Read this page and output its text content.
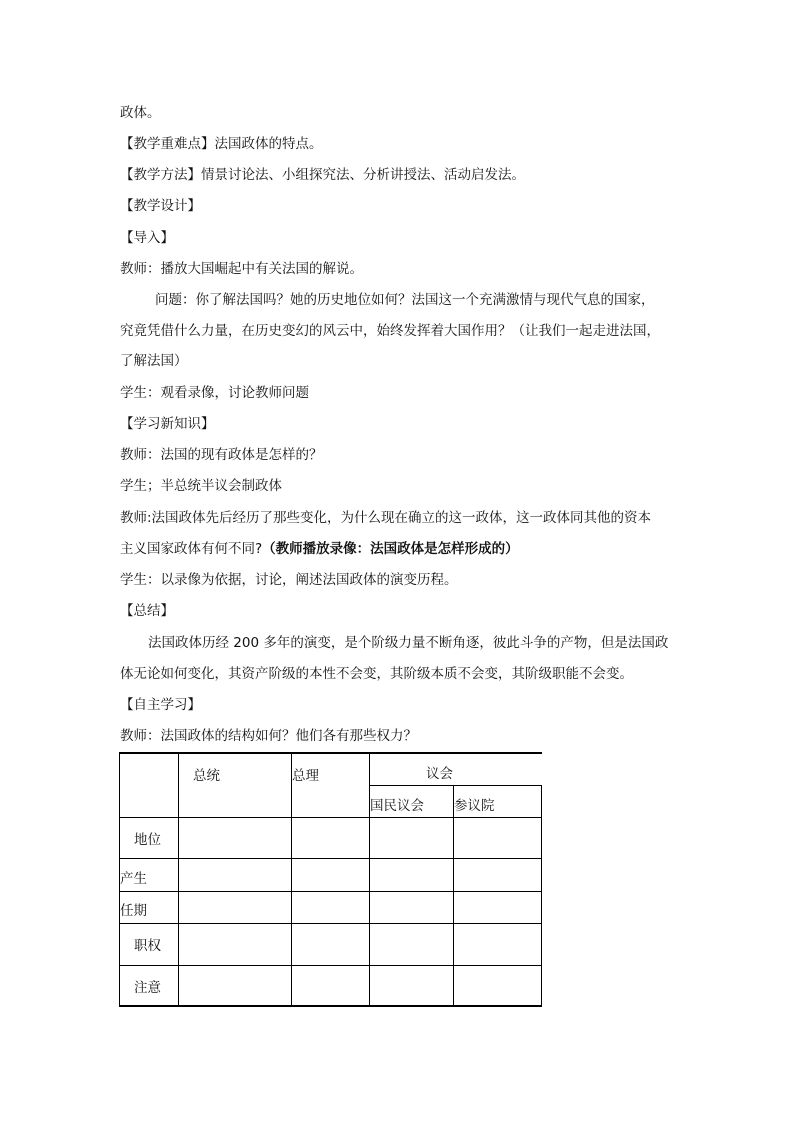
政体。
【教学重难点】法国政体的特点。
【教学方法】情景讨论法、小组探究法、分析讲授法、活动启发法。
【教学设计】
【导入】
教师：播放大国崛起中有关法国的解说。
问题：你了解法国吗？她的历史地位如何？法国这一个充满激情与现代气息的国家，
究竟凭借什么力量，在历史变幻的风云中，始终发挥着大国作用？（让我们一起走进法国，
了解法国）
学生：观看录像，讨论教师问题
【学习新知识】
教师：法国的现有政体是怎样的？
学生；半总统半议会制政体
教师:法国政体先后经历了那些变化，为什么现在确立的这一政体，这一政体同其他的资本
主义国家政体有何不同?（教师播放录像：法国政体是怎样形成的）
学生：以录像为依据，讨论，阐述法国政体的演变历程。
【总结】
法国政体历经 200 多年的演变，是个阶级力量不断角逐，彼此斗争的产物，但是法国政
体无论如何变化，其资产阶级的本性不会变，其阶级本质不会变，其阶级职能不会变。
【自主学习】
教师：法国政体的结构如何？他们各有那些权力？

	总统	总理	议会	

			国民议会	参议院

地位				

产生				

任期				

职权				

注意				
